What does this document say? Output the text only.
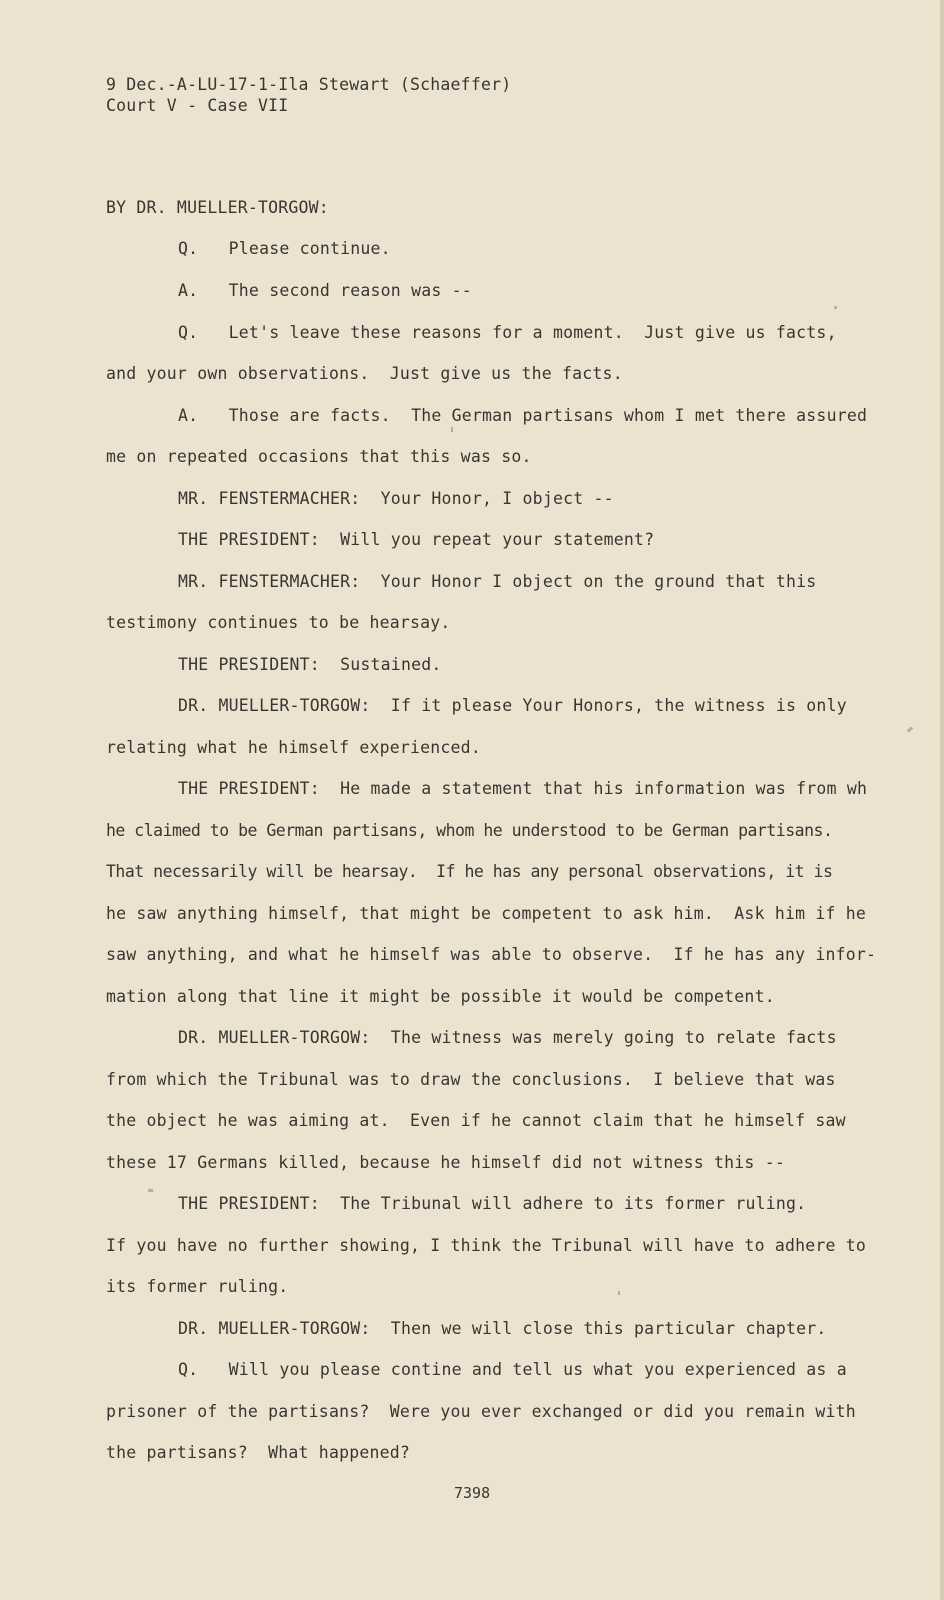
9 Dec.-A-LU-17-1-Ila Stewart (Schaeffer)
Court V - Case VII
BY DR. MUELLER-TORGOW:
Q.   Please continue.
A.   The second reason was --
Q.   Let's leave these reasons for a moment.  Just give us facts,
and your own observations.  Just give us the facts.
A.   Those are facts.  The German partisans whom I met there assured
me on repeated occasions that this was so.
MR. FENSTERMACHER:  Your Honor, I object --
THE PRESIDENT:  Will you repeat your statement?
MR. FENSTERMACHER:  Your Honor I object on the ground that this
testimony continues to be hearsay.
THE PRESIDENT:  Sustained.
DR. MUELLER-TORGOW:  If it please Your Honors, the witness is only
relating what he himself experienced.
THE PRESIDENT:  He made a statement that his information was from wh
he claimed to be German partisans, whom he understood to be German partisans.
That necessarily will be hearsay.  If he has any personal observations, it is
he saw anything himself, that might be competent to ask him.  Ask him if he
saw anything, and what he himself was able to observe.  If he has any infor-
mation along that line it might be possible it would be competent.
DR. MUELLER-TORGOW:  The witness was merely going to relate facts
from which the Tribunal was to draw the conclusions.  I believe that was
the object he was aiming at.  Even if he cannot claim that he himself saw
these 17 Germans killed, because he himself did not witness this --
THE PRESIDENT:  The Tribunal will adhere to its former ruling.
If you have no further showing, I think the Tribunal will have to adhere to
its former ruling.
DR. MUELLER-TORGOW:  Then we will close this particular chapter.
Q.   Will you please contine and tell us what you experienced as a
prisoner of the partisans?  Were you ever exchanged or did you remain with
the partisans?  What happened?
7398
